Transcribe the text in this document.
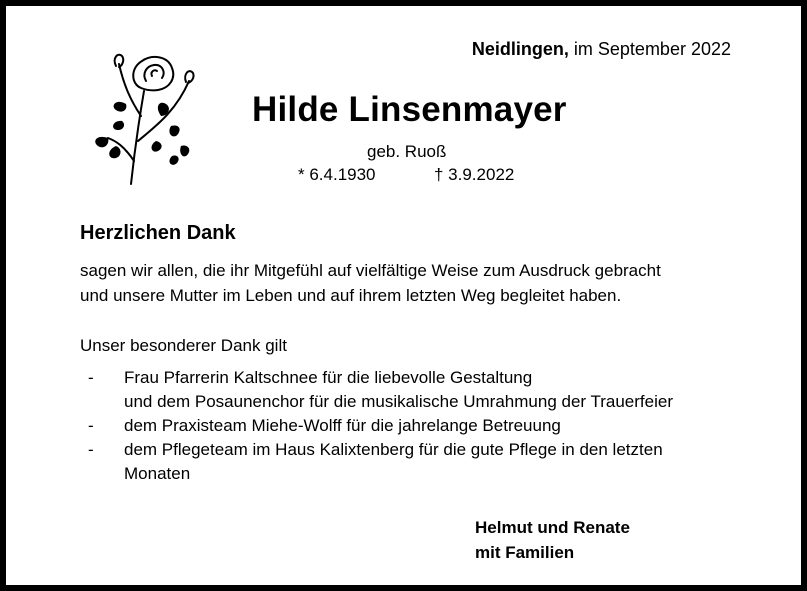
Neidlingen, im September 2022
Hilde Linsenmayer
geb. Ruoß
* 6.4.1930	† 3.9.2022
Herzlichen Dank
sagen wir allen, die ihr Mitgefühl auf vielfältige Weise zum Ausdruck gebracht
und unsere Mutter im Leben und auf ihrem letzten Weg begleitet haben.
Unser besonderer Dank gilt
- Frau Pfarrerin Kaltschnee für die liebevolle Gestaltung
und dem Posaunenchor für die musikalische Umrahmung der Trauerfeier
- dem Praxisteam Miehe-Wolff für die jahrelange Betreuung
- dem Pflegeteam im Haus Kalixtenberg für die gute Pflege in den letzten
Monaten
Helmut und Renate
mit Familien
